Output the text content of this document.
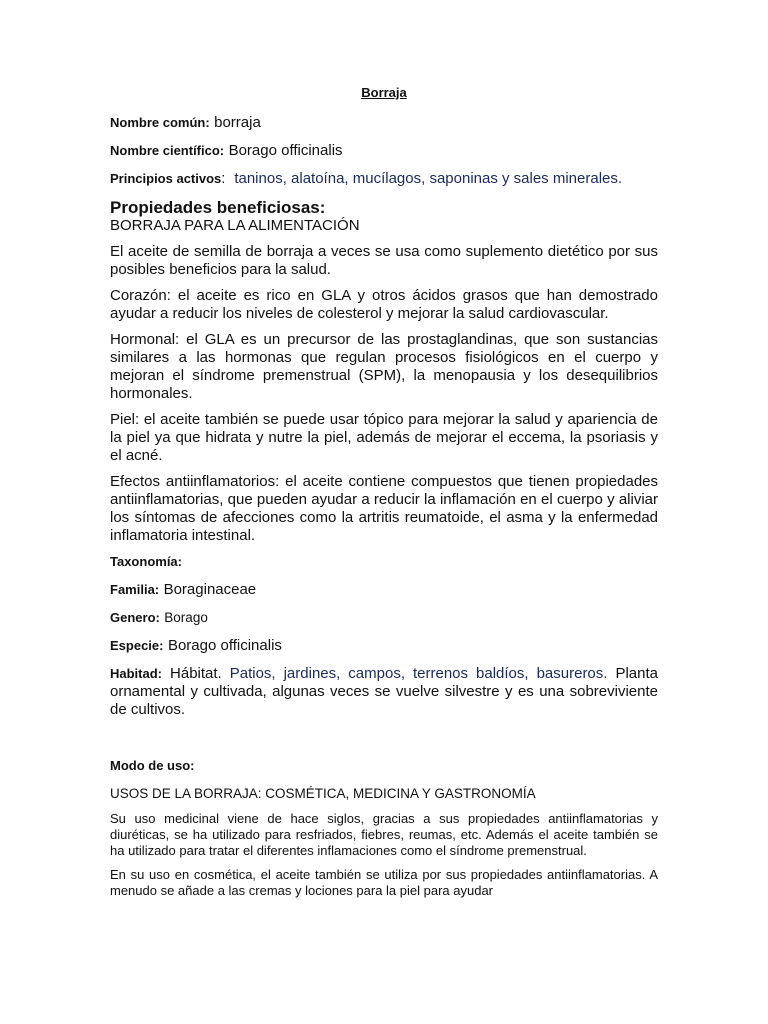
Borraja
Nombre común: borraja
Nombre científico: Borago officinalis
Principios activos: taninos, alatoína, mucílagos, saponinas y sales minerales.
Propiedades beneficiosas:
BORRAJA PARA LA ALIMENTACIÓN

El aceite de semilla de borraja a veces se usa como suplemento dietético por sus posibles beneficios para la salud.

Corazón: el aceite es rico en GLA y otros ácidos grasos que han demostrado ayudar a reducir los niveles de colesterol y mejorar la salud cardiovascular.

Hormonal: el GLA es un precursor de las prostaglandinas, que son sustancias similares a las hormonas que regulan procesos fisiológicos en el cuerpo y mejoran el síndrome premenstrual (SPM), la menopausia y los desequilibrios hormonales.

Piel: el aceite también se puede usar tópico para mejorar la salud y apariencia de la piel ya que hidrata y nutre la piel, además de mejorar el eccema, la psoriasis y el acné.

Efectos antiinflamatorios: el aceite contiene compuestos que tienen propiedades antiinflamatorias, que pueden ayudar a reducir la inflamación en el cuerpo y aliviar los síntomas de afecciones como la artritis reumatoide, el asma y la enfermedad inflamatoria intestinal.

Taxonomía:
Familia: Boraginaceae
Genero: Borago
Especie: Borago officinalis
Habitad: Hábitat. Patios, jardines, campos, terrenos baldíos, basureros. Planta ornamental y cultivada, algunas veces se vuelve silvestre y es una sobreviviente de cultivos.
Modo de uso:
USOS DE LA BORRAJA: COSMÉTICA, MEDICINA Y GASTRONOMÍA

Su uso medicinal viene de hace siglos, gracias a sus propiedades antiinflamatorias y diuréticas, se ha utilizado para resfriados, fiebres, reumas, etc. Además el aceite también se ha utilizado para tratar el diferentes inflamaciones como el síndrome premenstrual.

En su uso en cosmética, el aceite también se utiliza por sus propiedades antiinflamatorias. A menudo se añade a las cremas y lociones para la piel para ayudar
